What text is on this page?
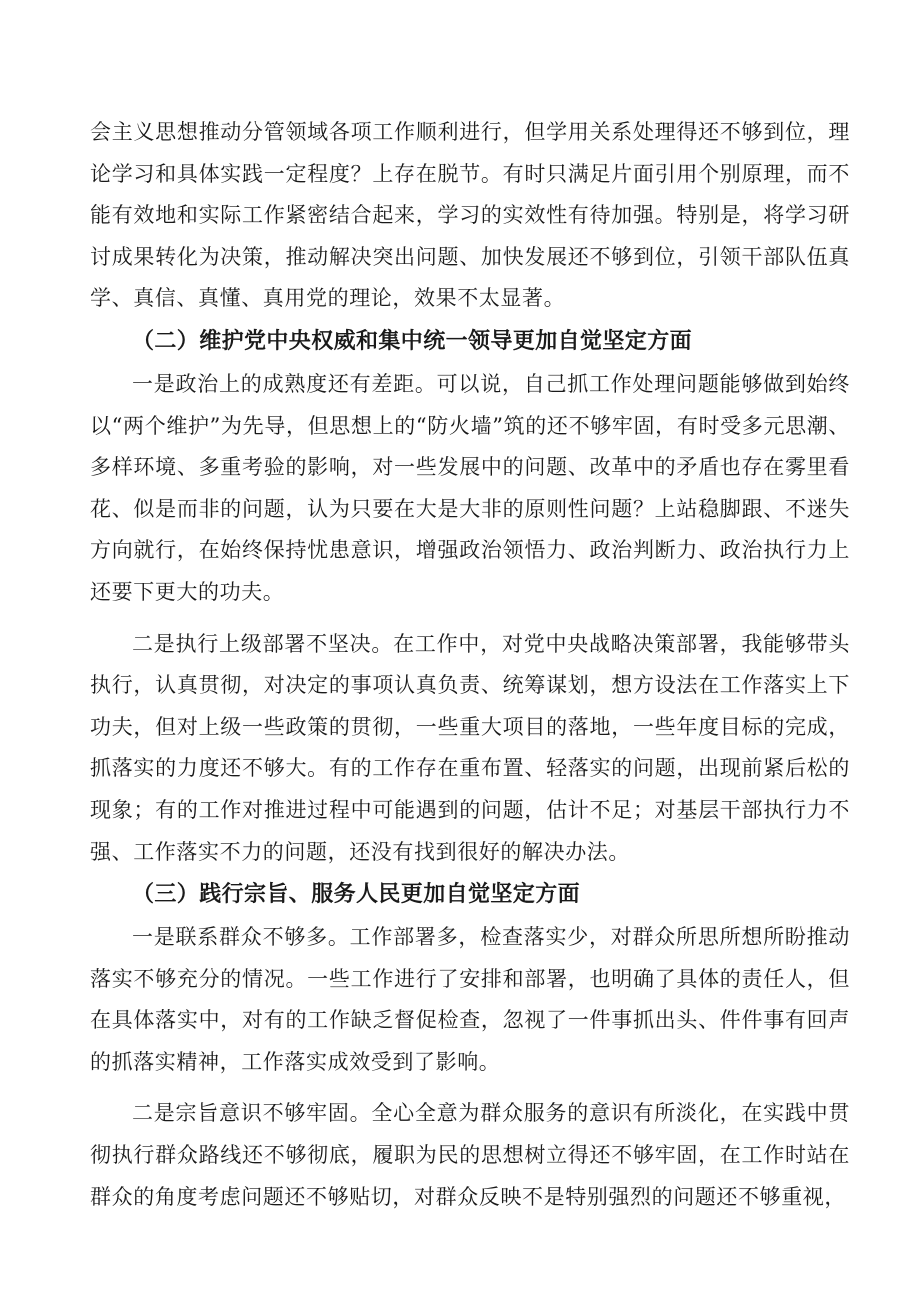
会主义思想推动分管领域各项工作顺利进行，但学用关系处理得还不够到位，理论学习和具体实践一定程度？上存在脱节。有时只满足片面引用个别原理，而不能有效地和实际工作紧密结合起来，学习的实效性有待加强。特别是，将学习研讨成果转化为决策，推动解决突出问题、加快发展还不够到位，引领干部队伍真学、真信、真懂、真用党的理论，效果不太显著。

（二）维护党中央权威和集中统一领导更加自觉坚定方面

一是政治上的成熟度还有差距。可以说，自己抓工作处理问题能够做到始终以“两个维护”为先导，但思想上的“防火墙”筑的还不够牢固，有时受多元思潮、多样环境、多重考验的影响，对一些发展中的问题、改革中的矛盾也存在雾里看花、似是而非的问题，认为只要在大是大非的原则性问题？上站稳脚跟、不迷失方向就行，在始终保持忧患意识，增强政治领悟力、政治判断力、政治执行力上还要下更大的功夫。

二是执行上级部署不坚决。在工作中，对党中央战略决策部署，我能够带头执行，认真贯彻，对决定的事项认真负责、统筹谋划，想方设法在工作落实上下功夫，但对上级一些政策的贯彻，一些重大项目的落地，一些年度目标的完成，抓落实的力度还不够大。有的工作存在重布置、轻落实的问题，出现前紧后松的现象；有的工作对推进过程中可能遇到的问题，估计不足；对基层干部执行力不强、工作落实不力的问题，还没有找到很好的解决办法。

（三）践行宗旨、服务人民更加自觉坚定方面

一是联系群众不够多。工作部署多，检查落实少，对群众所思所想所盼推动落实不够充分的情况。一些工作进行了安排和部署，也明确了具体的责任人，但在具体落实中，对有的工作缺乏督促检查，忽视了一件事抓出头、件件事有回声的抓落实精神，工作落实成效受到了影响。

二是宗旨意识不够牢固。全心全意为群众服务的意识有所淡化，在实践中贯彻执行群众路线还不够彻底，履职为民的思想树立得还不够牢固，在工作时站在群众的角度考虑问题还不够贴切，对群众反映不是特别强烈的问题还不够重视，
